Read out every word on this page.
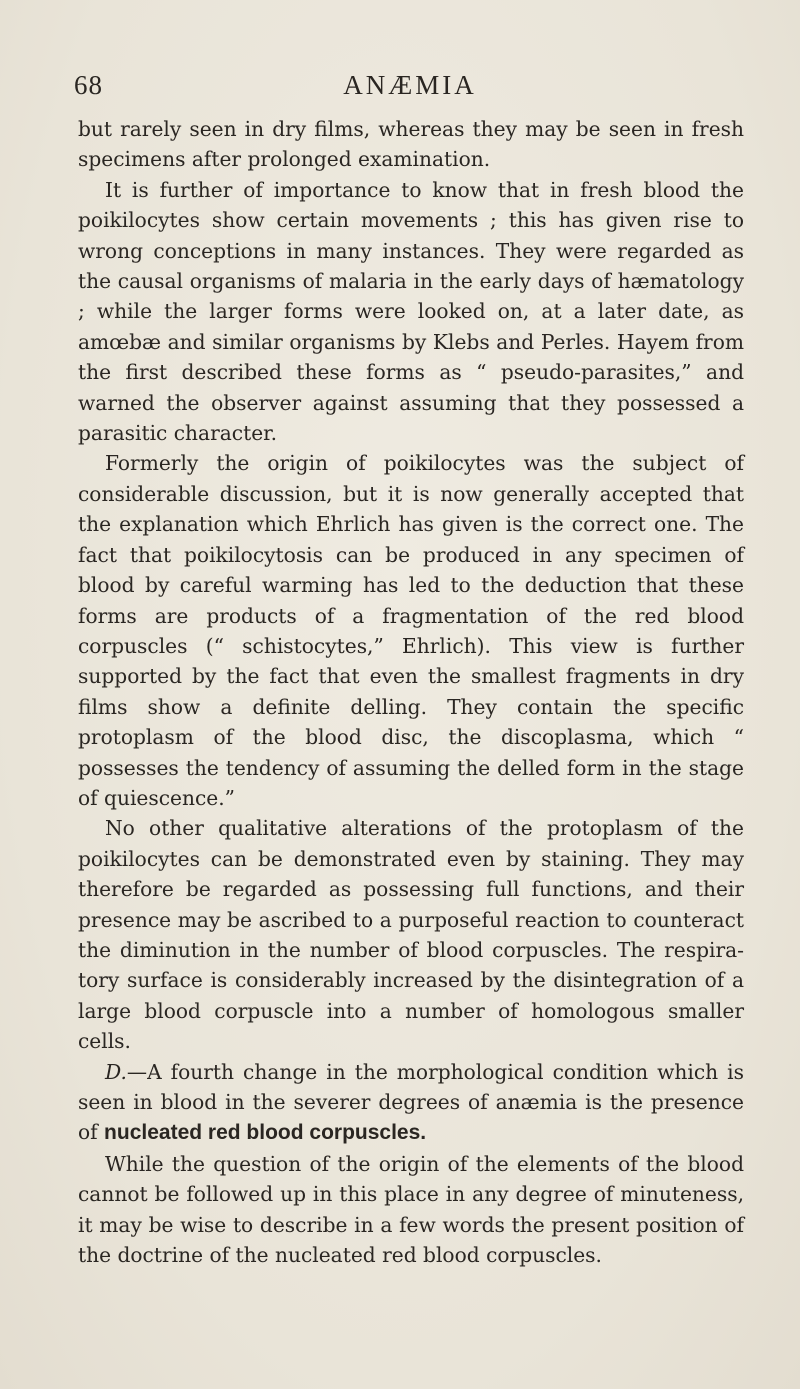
68	ANÆMIA

but rarely seen in dry films, whereas they may be seen in fresh specimens after prolonged examination.

It is further of importance to know that in fresh blood the poikilocytes show certain movements ; this has given rise to wrong conceptions in many instances. They were regarded as the causal organisms of malaria in the early days of hæmatology ; while the larger forms were looked on, at a later date, as amœbæ and similar organisms by Klebs and Perles. Hayem from the first described these forms as “ pseudo-parasites,” and warned the observer against assuming that they possessed a parasitic character.

Formerly the origin of poikilocytes was the subject of considerable discussion, but it is now generally accepted that the explanation which Ehrlich has given is the correct one. The fact that poikilocytosis can be produced in any specimen of blood by careful warming has led to the deduction that these forms are products of a fragmentation of the red blood corpuscles (“ schistocytes,” Ehrlich). This view is further supported by the fact that even the smallest fragments in dry films show a definite delling. They contain the specific protoplasm of the blood disc, the discoplasma, which “ possesses the tendency of assuming the delled form in the stage of quiescence.”

No other qualitative alterations of the protoplasm of the poikilocytes can be demonstrated even by staining. They may therefore be regarded as possessing full functions, and their presence may be ascribed to a purposeful reaction to counteract the diminution in the number of blood corpuscles. The respiratory surface is considerably increased by the disintegration of a large blood corpuscle into a number of homologous smaller cells.

D.—A fourth change in the morphological condition which is seen in blood in the severer degrees of anæmia is the presence of nucleated red blood corpuscles.

While the question of the origin of the elements of the blood cannot be followed up in this place in any degree of minuteness, it may be wise to describe in a few words the present position of the doctrine of the nucleated red blood corpuscles.
